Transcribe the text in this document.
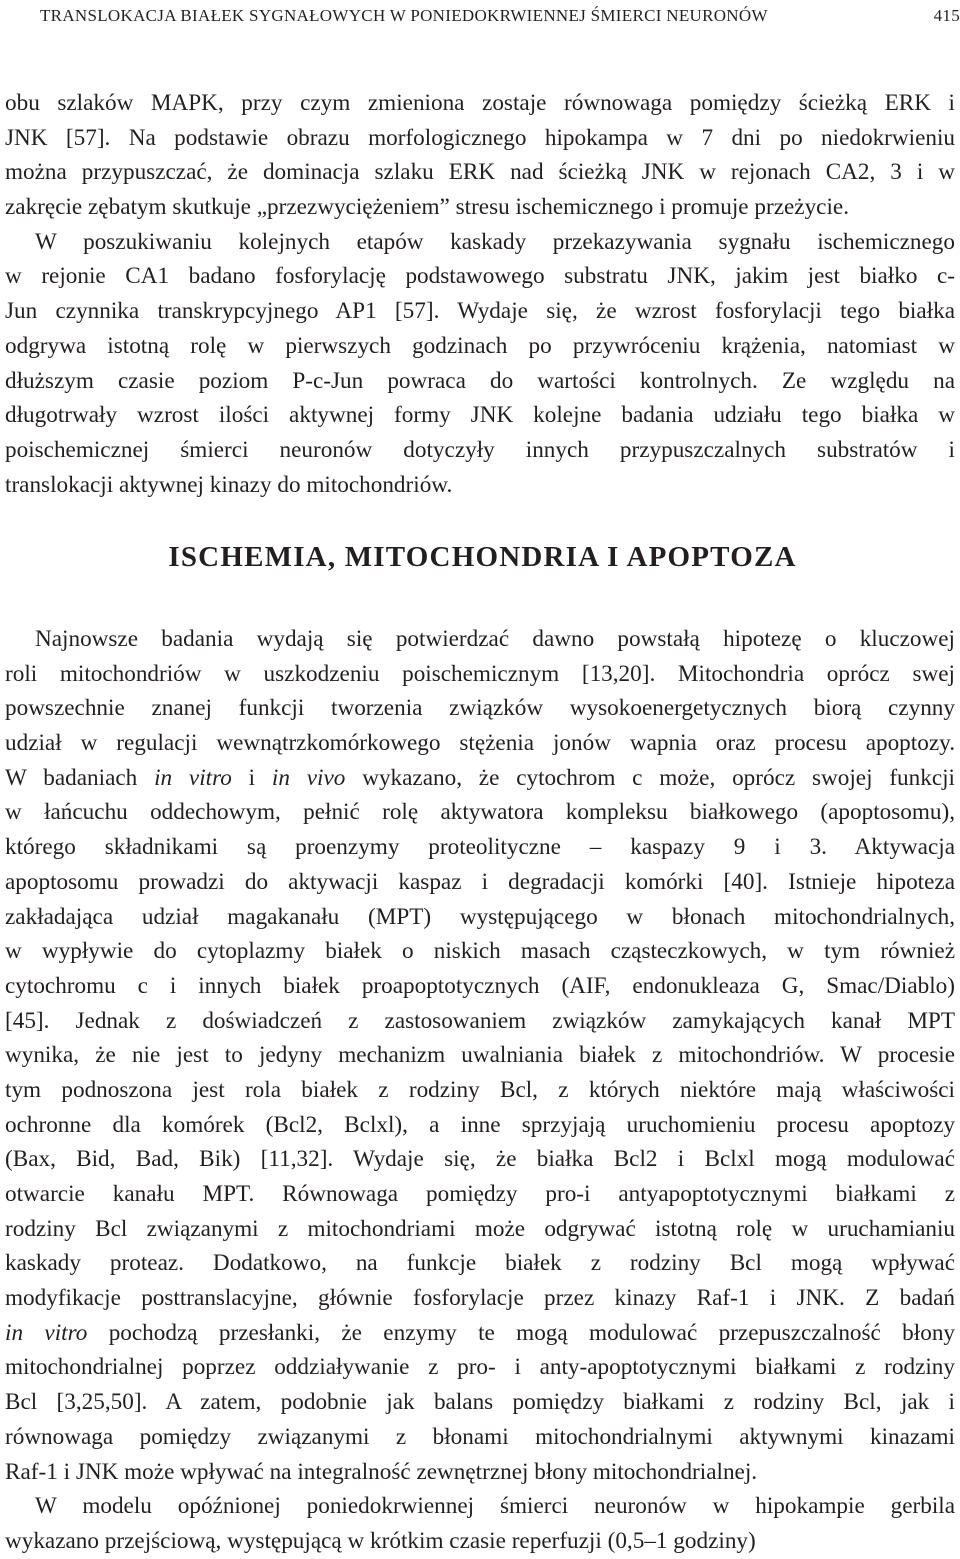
TRANSLOKACJA BIAŁEK SYGNAŁOWYCH W PONIEDOKRWIENNEJ ŚMIERCI NEURONÓW	415
obu szlaków MAPK, przy czym zmieniona zostaje równowaga pomiędzy ścieżką ERK i
JNK [57]. Na podstawie obrazu morfologicznego hipokampa w 7 dni po niedokrwieniu
można przypuszczać, że dominacja szlaku ERK nad ścieżką JNK w rejonach CA2, 3 i w
zakręcie zębatym skutkuje „przezwyciężeniem” stresu ischemicznego i promuje przeżycie.
W poszukiwaniu kolejnych etapów kaskady przekazywania sygnału ischemicznego
w rejonie CA1 badano fosforylację podstawowego substratu JNK, jakim jest białko c-
Jun czynnika transkrypcyjnego AP1 [57]. Wydaje się, że wzrost fosforylacji tego białka
odgrywa istotną rolę w pierwszych godzinach po przywróceniu krążenia, natomiast w
dłuższym czasie poziom P-c-Jun powraca do wartości kontrolnych. Ze względu na
długotrwały wzrost ilości aktywnej formy JNK kolejne badania udziału tego białka w
poischemicznej śmierci neuronów dotyczyły innych przypuszczalnych substratów i
translokacji aktywnej kinazy do mitochondriów.
ISCHEMIA, MITOCHONDRIA I APOPTOZA
Najnowsze badania wydają się potwierdzać dawno powstałą hipotezę o kluczowej
roli mitochondriów w uszkodzeniu poischemicznym [13,20]. Mitochondria oprócz swej
powszechnie znanej funkcji tworzenia związków wysokoenergetycznych biorą czynny
udział w regulacji wewnątrzkomórkowego stężenia jonów wapnia oraz procesu apoptozy.
W badaniach in vitro i in vivo wykazano, że cytochrom c może, oprócz swojej funkcji
w łańcuchu oddechowym, pełnić rolę aktywatora kompleksu białkowego (apoptosomu),
którego składnikami są proenzymy proteolityczne – kaspazy 9 i 3. Aktywacja
apoptosomu prowadzi do aktywacji kaspaz i degradacji komórki [40]. Istnieje hipoteza
zakładająca udział magakanału (MPT) występującego w błonach mitochondrialnych,
w wypływie do cytoplazmy białek o niskich masach cząsteczkowych, w tym również
cytochromu c i innych białek proapoptotycznych (AIF, endonukleaza G, Smac/Diablo)
[45]. Jednak z doświadczeń z zastosowaniem związków zamykających kanał MPT
wynika, że nie jest to jedyny mechanizm uwalniania białek z mitochondriów. W procesie
tym podnoszona jest rola białek z rodziny Bcl, z których niektóre mają właściwości
ochronne dla komórek (Bcl2, Bclxl), a inne sprzyjają uruchomieniu procesu apoptozy
(Bax, Bid, Bad, Bik) [11,32]. Wydaje się, że białka Bcl2 i Bclxl mogą modulować
otwarcie kanału MPT. Równowaga pomiędzy pro-i antyapoptotycznymi białkami z
rodziny Bcl związanymi z mitochondriami może odgrywać istotną rolę w uruchamianiu
kaskady proteaz. Dodatkowo, na funkcje białek z rodziny Bcl mogą wpływać
modyfikacje posttranslacyjne, głównie fosforylacje przez kinazy Raf-1 i JNK. Z badań
in vitro pochodzą przesłanki, że enzymy te mogą modulować przepuszczalność błony
mitochondrialnej poprzez oddziaływanie z pro- i anty-apoptotycznymi białkami z rodziny
Bcl [3,25,50]. A zatem, podobnie jak balans pomiędzy białkami z rodziny Bcl, jak i
równowaga pomiędzy związanymi z błonami mitochondrialnymi aktywnymi kinazami
Raf-1 i JNK może wpływać na integralność zewnętrznej błony mitochondrialnej.
W modelu opóźnionej poniedokrwiennej śmierci neuronów w hipokampie gerbila
wykazano przejściową, występującą w krótkim czasie reperfuzji (0,5–1 godziny)
